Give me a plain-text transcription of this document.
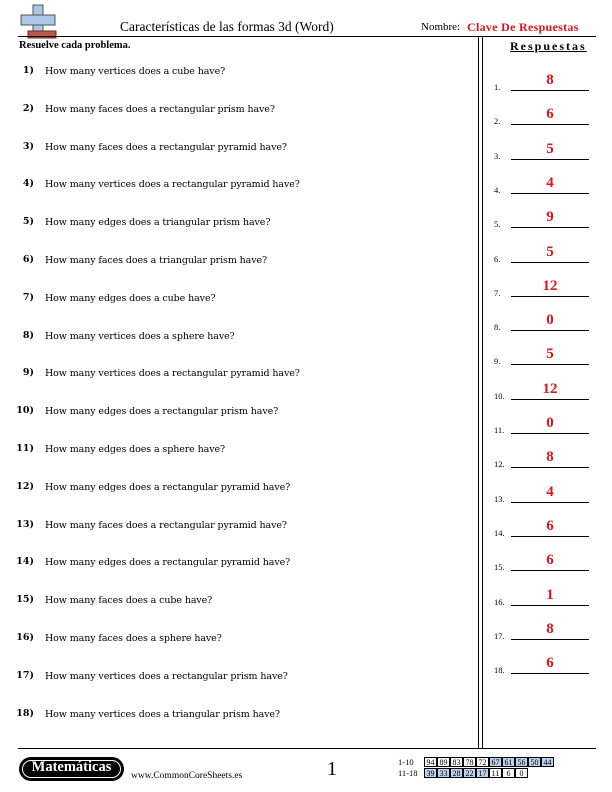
Características de las formas 3d (Word)	Nombre: Clave De Respuestas
Resuelve cada problema.	Respuestas
1) How many vertices does a cube have?
2) How many faces does a rectangular prism have?
3) How many faces does a rectangular pyramid have?
4) How many vertices does a rectangular pyramid have?
5) How many edges does a triangular prism have?
6) How many faces does a triangular prism have?
7) How many edges does a cube have?
8) How many vertices does a sphere have?
9) How many vertices does a rectangular pyramid have?
10) How many edges does a rectangular prism have?
11) How many edges does a sphere have?
12) How many edges does a rectangular pyramid have?
13) How many faces does a rectangular pyramid have?
14) How many edges does a rectangular pyramid have?
15) How many faces does a cube have?
16) How many faces does a sphere have?
17) How many vertices does a rectangular prism have?
18) How many vertices does a triangular prism have?
1.	8
2.	6
3.	5
4.	4
5.	9
6.	5
7.	12
8.	0
9.	5
10.	12
11.	0
12.	8
13.	4
14.	6
15.	6
16.	1
17.	8
18.	6
Matemáticas
www.CommonCoreSheets.es	1	1-10	94 89 83 78 72 67 61 56 50 44
11-18	39 33 28 22 17 11 6	0
